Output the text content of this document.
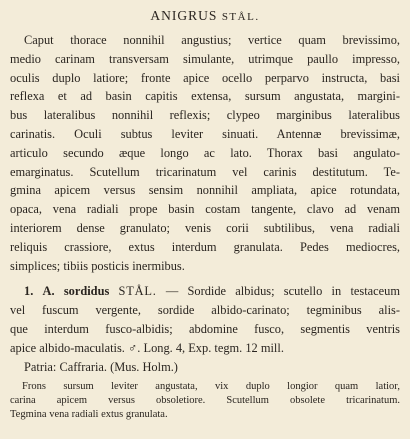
ANIGRUS STÅL.
Caput thorace nonnihil angustius; vertice quam brevissimo,
medio carinam transversam simulante, utrimque paullo impresso,
oculis duplo latiore; fronte apice ocello perparvo instructa, basi
reflexa et ad basin capitis extensa, sursum angustata, margini-
bus lateralibus nonnihil reflexis; clypeo marginibus lateralibus
carinatis. Oculi subtus leviter sinuati. Antennæ brevissimæ,
articulo secundo æque longo ac lato. Thorax basi angulato-
emarginatus. Scutellum tricarinatum vel carinis destitutum. Te-
gmina apicem versus sensim nonnihil ampliata, apice rotundata,
opaca, vena radiali prope basin costam tangente, clavo ad venam
interiorem dense granulato; venis corii subtilibus, vena radiali
reliquis crassiore, extus interdum granulata. Pedes mediocres,
simplices; tibiis posticis inermibus.
1. A. sordidus STÅL. — Sordide albidus; scutello in testaceum
vel fuscum vergente, sordide albido-carinato; tegminibus alis-
que interdum fusco-albidis; abdomine fusco, segmentis ventris
apice albido-maculatis. ♂. Long. 4, Exp. tegm. 12 mill.
Patria: Caffraria. (Mus. Holm.)
Frons sursum leviter angustata, vix duplo longior quam latior,
carina apicem versus obsoletiore. Scutellum obsolete tricarinatum.
Tegmina vena radiali extus granulata.
